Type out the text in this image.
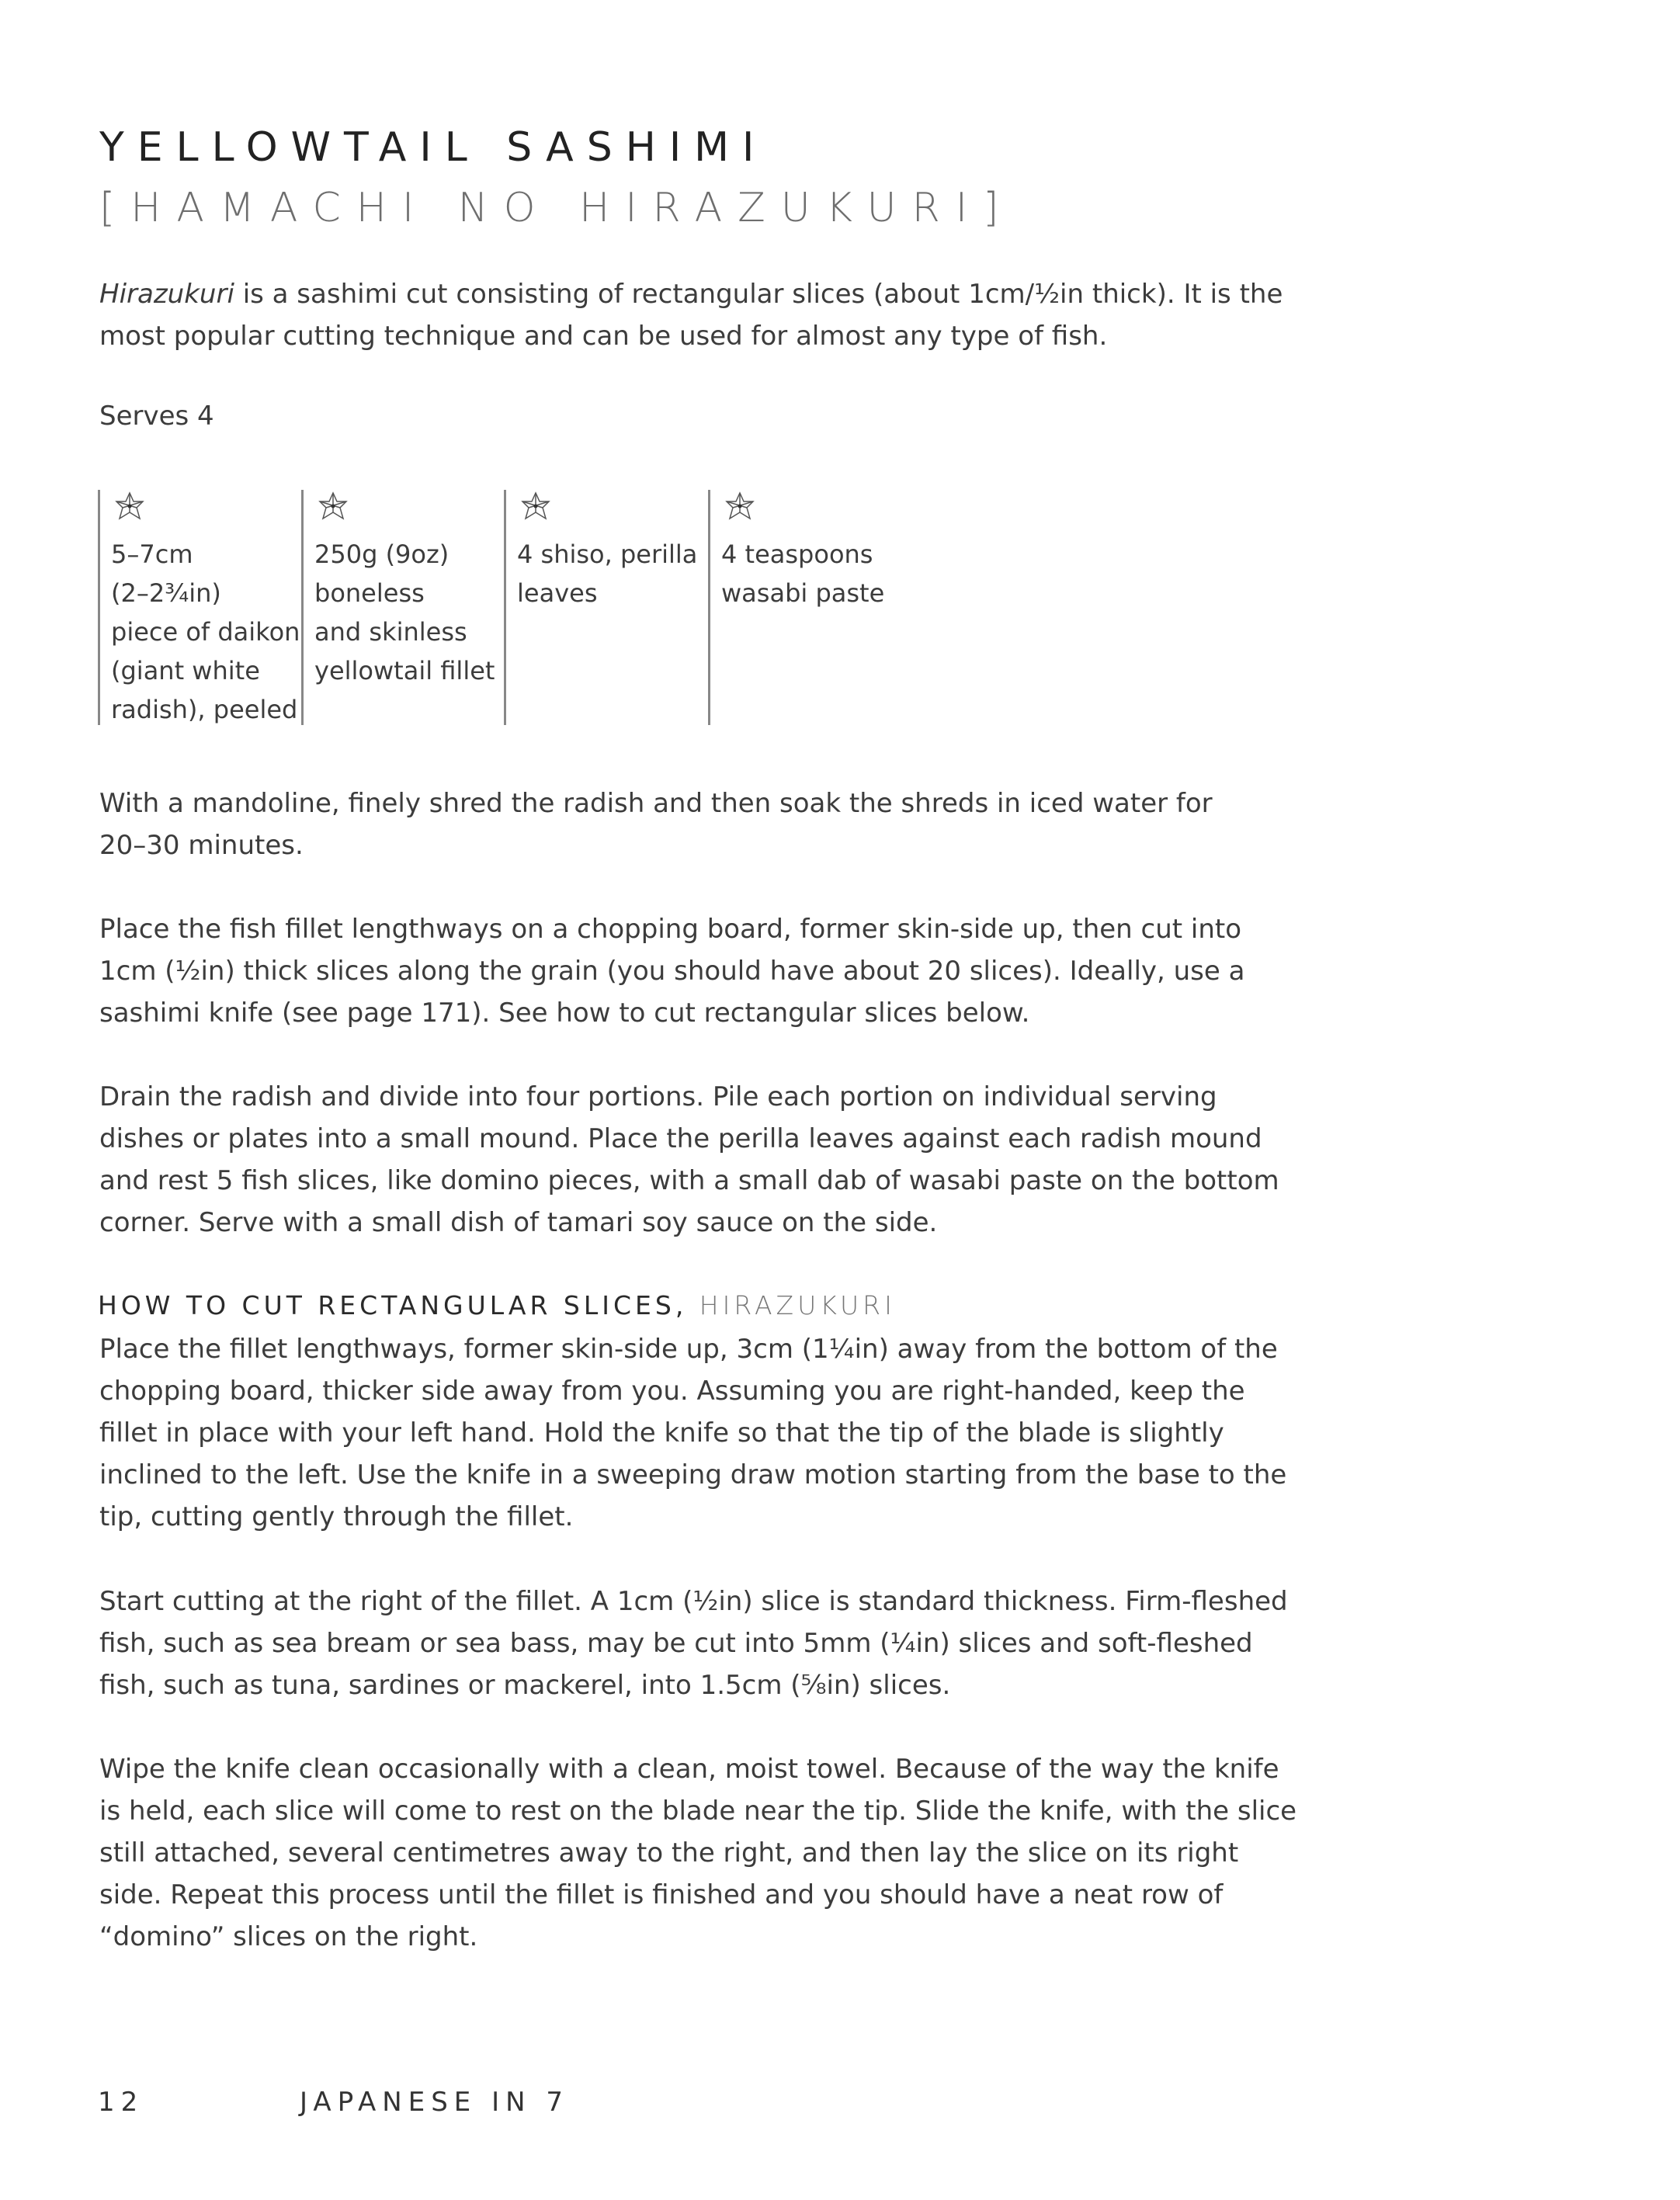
YELLOWTAIL SASHIMI
[HAMACHI NO HIRAZUKURI]
Hirazukuri is a sashimi cut consisting of rectangular slices (about 1cm/½in thick). It is the
most popular cutting technique and can be used for almost any type of fish.
Serves 4
5–7cm
(2–2¾in)
piece of daikon
(giant white
radish), peeled
250g (9oz)
boneless
and skinless
yellowtail fillet
4 shiso, perilla
leaves
4 teaspoons
wasabi paste
With a mandoline, finely shred the radish and then soak the shreds in iced water for
20–30 minutes.
Place the fish fillet lengthways on a chopping board, former skin-side up, then cut into
1cm (½in) thick slices along the grain (you should have about 20 slices). Ideally, use a
sashimi knife (see page 171). See how to cut rectangular slices below.
Drain the radish and divide into four portions. Pile each portion on individual serving
dishes or plates into a small mound. Place the perilla leaves against each radish mound
and rest 5 fish slices, like domino pieces, with a small dab of wasabi paste on the bottom
corner. Serve with a small dish of tamari soy sauce on the side.
HOW TO CUT RECTANGULAR SLICES, HIRAZUKURI
Place the fillet lengthways, former skin-side up, 3cm (1¼in) away from the bottom of the
chopping board, thicker side away from you. Assuming you are right-handed, keep the
fillet in place with your left hand. Hold the knife so that the tip of the blade is slightly
inclined to the left. Use the knife in a sweeping draw motion starting from the base to the
tip, cutting gently through the fillet.
Start cutting at the right of the fillet. A 1cm (½in) slice is standard thickness. Firm-fleshed
fish, such as sea bream or sea bass, may be cut into 5mm (¼in) slices and soft-fleshed
fish, such as tuna, sardines or mackerel, into 1.5cm (⅝in) slices.
Wipe the knife clean occasionally with a clean, moist towel. Because of the way the knife
is held, each slice will come to rest on the blade near the tip. Slide the knife, with the slice
still attached, several centimetres away to the right, and then lay the slice on its right
side. Repeat this process until the fillet is finished and you should have a neat row of
“domino” slices on the right.
12	JAPANESE IN 7
